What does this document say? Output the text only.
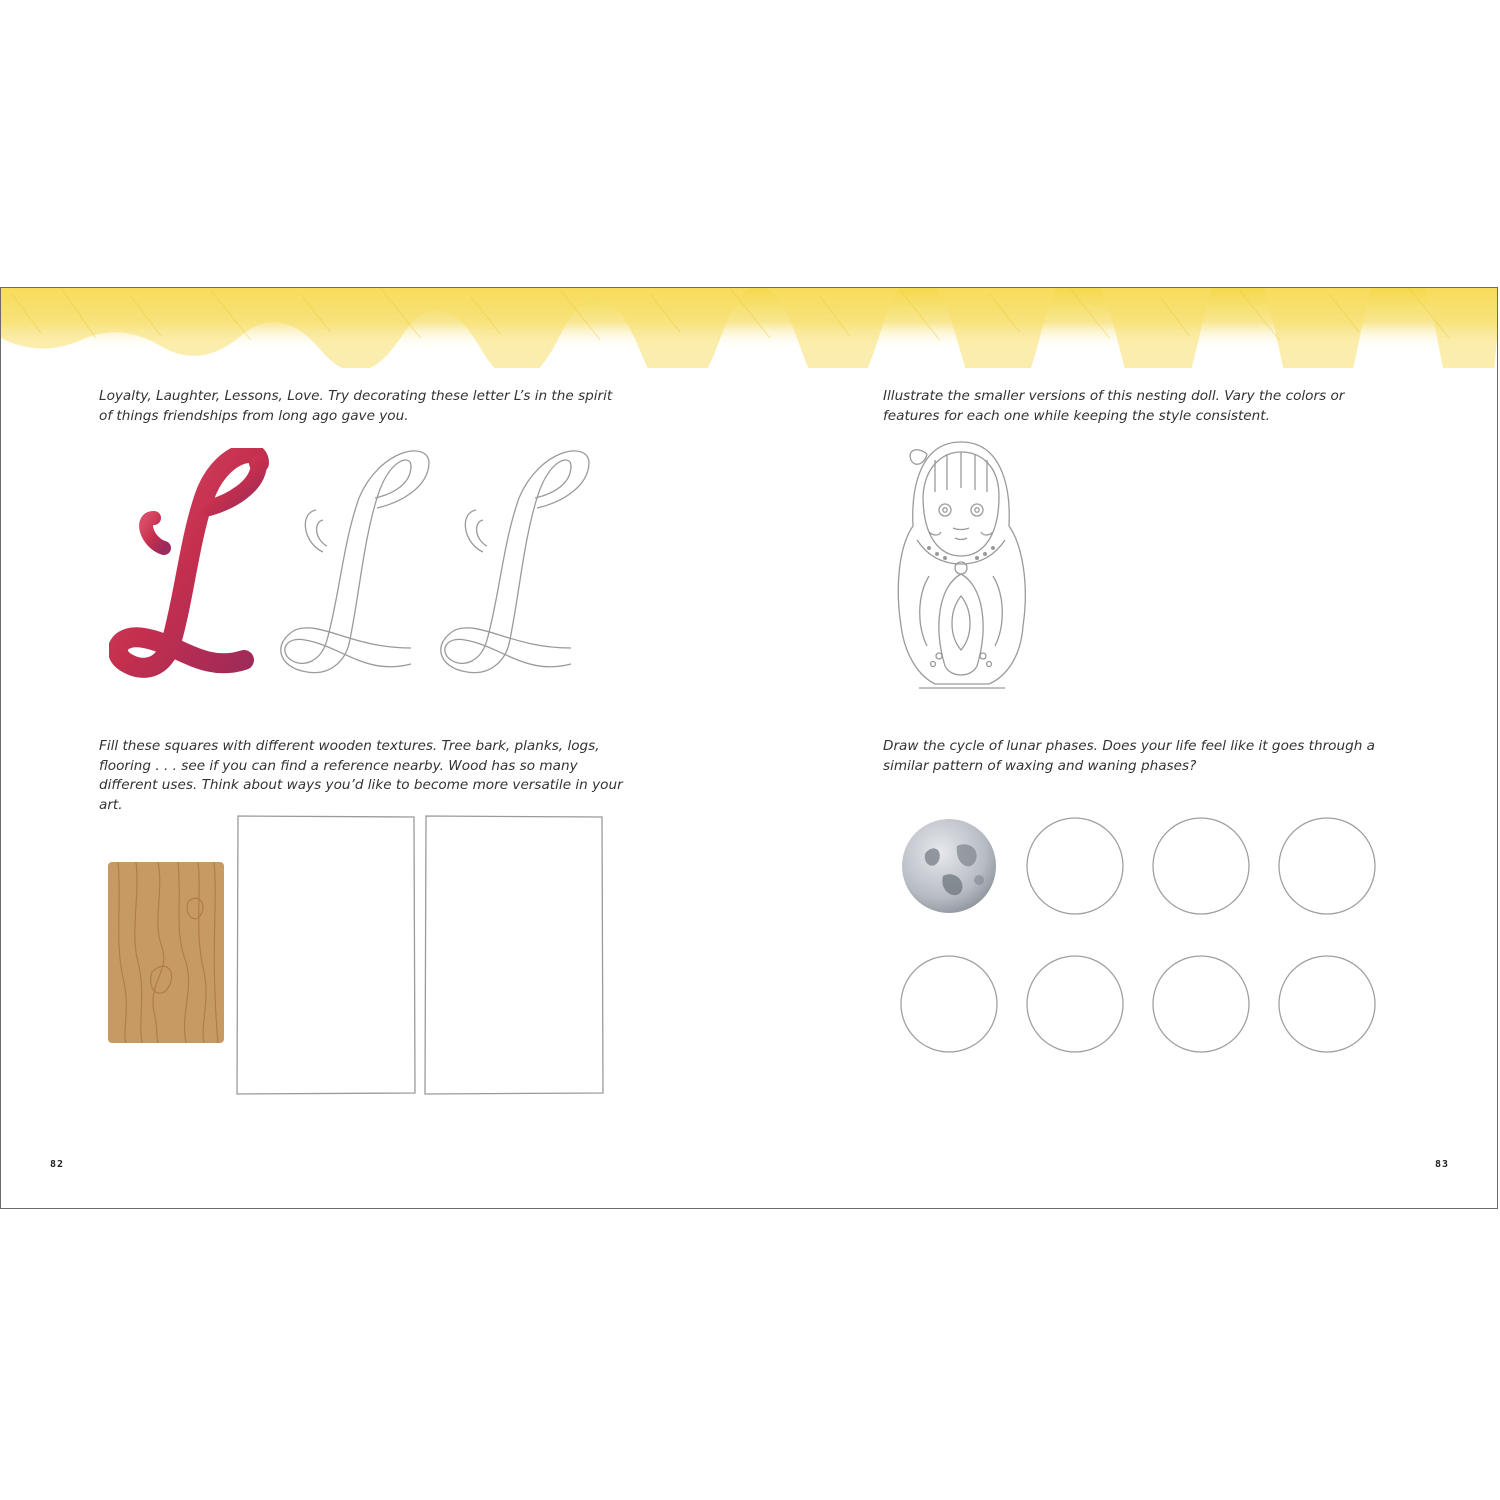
Loyalty, Laughter, Lessons, Love. Try decorating these letter L’s in the spirit of things friendships from long ago gave you.

Fill these squares with different wooden textures. Tree bark, planks, logs, flooring . . . see if you can find a reference nearby. Wood has so many different uses. Think about ways you’d like to become more versatile in your art.

82

Illustrate the smaller versions of this nesting doll. Vary the colors or features for each one while keeping the style consistent.

Draw the cycle of lunar phases. Does your life feel like it goes through a similar pattern of waxing and waning phases?

83
